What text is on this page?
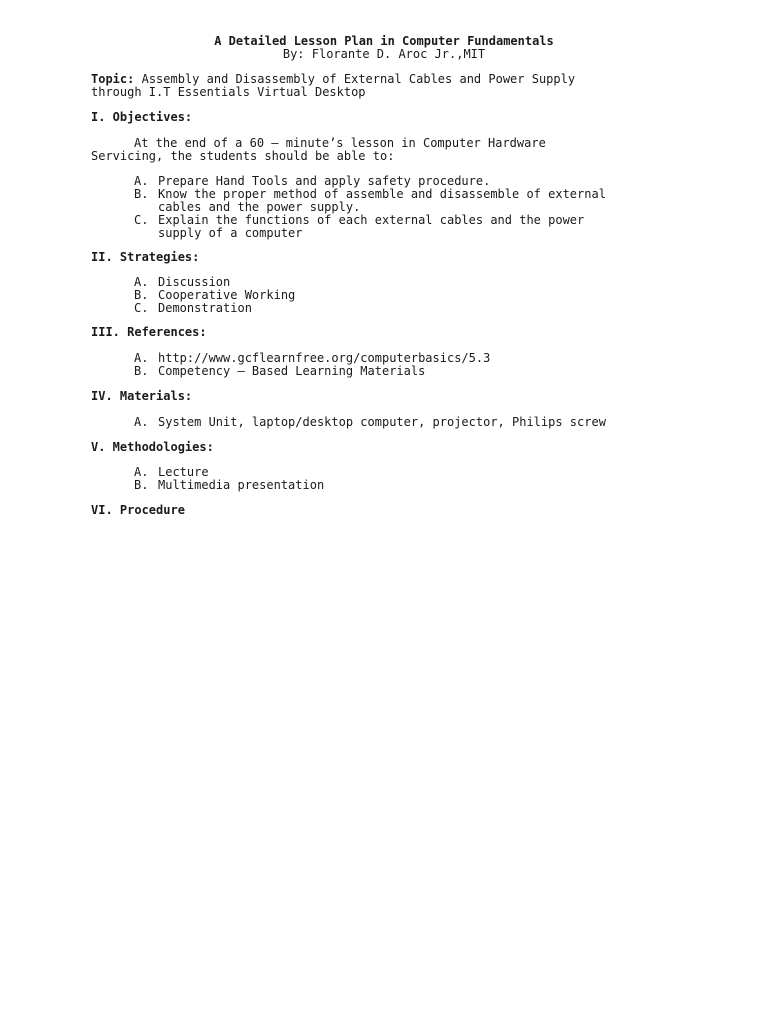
A Detailed Lesson Plan in Computer Fundamentals
By: Florante D. Aroc Jr.,MIT
Topic: Assembly and Disassembly of External Cables and Power Supply
through I.T Essentials Virtual Desktop
I. Objectives:
At the end of a 60 – minute’s lesson in Computer Hardware
Servicing, the students should be able to:
A. Prepare Hand Tools and apply safety procedure.
B. Know the proper method of assemble and disassemble of external
cables and the power supply.
C. Explain the functions of each external cables and the power
supply of a computer
II. Strategies:
A. Discussion
B. Cooperative Working
C. Demonstration
III. References:
A. http://www.gcflearnfree.org/computerbasics/5.3
B. Competency – Based Learning Materials
IV. Materials:
A. System Unit, laptop/desktop computer, projector, Philips screw
V. Methodologies:
A. Lecture
B. Multimedia presentation
VI. Procedure
